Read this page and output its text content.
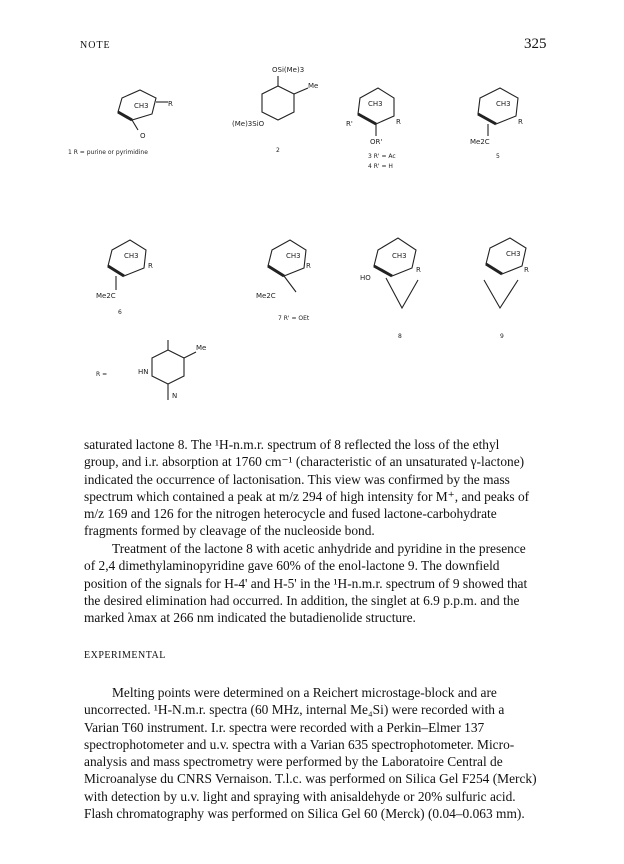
NOTE	325
CH3	R
O
OSi(Me)3
Me
(Me)3SiO
CH3
OR'
R'	R
CH3
Me2C
R
CH3
Me2C
R
CH3
Me2C
R
CH3
HO
R
CH3
R
HN
Me
N
1 R = purine or pyrimidine	2
3 R' = Ac
4 R' = H
5
6
7 R' = OEt
8	9
R =

saturated lactone 8. The ¹H-n.m.r. spectrum of 8 reflected the loss of the ethyl

group, and i.r. absorption at 1760 cm⁻¹ (characteristic of an unsaturated γ-lactone)

indicated the occurrence of lactonisation. This view was confirmed by the mass

spectrum which contained a peak at m/z 294 of high intensity for M⁺, and peaks of

m/z 169 and 126 for the nitrogen heterocycle and fused lactone-carbohydrate

fragments formed by cleavage of the nucleoside bond.

Treatment of the lactone 8 with acetic anhydride and pyridine in the presence

of 2,4 dimethylaminopyridine gave 60% of the enol-lactone 9. The downfield

position of the signals for H-4' and H-5' in the ¹H-n.m.r. spectrum of 9 showed that

the desired elimination had occurred. In addition, the singlet at 6.9 p.p.m. and the

marked λmax at 266 nm indicated the butadienolide structure.

EXPERIMENTAL

Melting points were determined on a Reichert microstage-block and are

uncorrected. ¹H-N.m.r. spectra (60 MHz, internal Me₄Si) were recorded with a

Varian T60 instrument. I.r. spectra were recorded with a Perkin–Elmer 137

spectrophotometer and u.v. spectra with a Varian 635 spectrophotometer. Micro-

analysis and mass spectrometry were performed by the Laboratoire Central de

Microanalyse du CNRS Vernaison. T.l.c. was performed on Silica Gel F254 (Merck)

with detection by u.v. light and spraying with anisaldehyde or 20% sulfuric acid.

Flash chromatography was performed on Silica Gel 60 (Merck) (0.04–0.063 mm).
